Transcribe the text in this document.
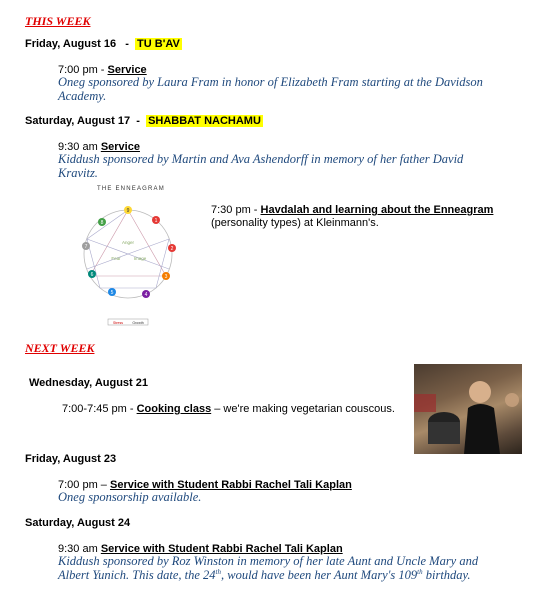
THIS WEEK
Friday, August 16 - TU B'AV
7:00 pm - Service
Oneg sponsored by Laura Fram in honor of Elizabeth Fram starting at the Davidson Academy.
Saturday, August 17 - SHABBAT NACHAMU
9:30 am Service
Kiddush sponsored by Martin and Ava Ashendorff in memory of her father David Kravitz.
THE ENNEAGRAM
Anger
Fear	Image
1
2
3
4
5
6
7
8
9
Stress	Growth
7:30 pm - Havdalah and learning about the Enneagram
(personality types) at Kleinmann's.
NEXT WEEK
Wednesday, August 21
7:00-7:45 pm - Cooking class – we're making vegetarian couscous.
Friday, August 23
7:00 pm – Service with Student Rabbi Rachel Tali Kaplan
Oneg sponsorship available.
Saturday, August 24
9:30 am Service with Student Rabbi Rachel Tali Kaplan
Kiddush sponsored by Roz Winston in memory of her late Aunt and Uncle Mary and Albert Yunich. This date, the 24th, would have been her Aunt Mary's 109th birthday.
